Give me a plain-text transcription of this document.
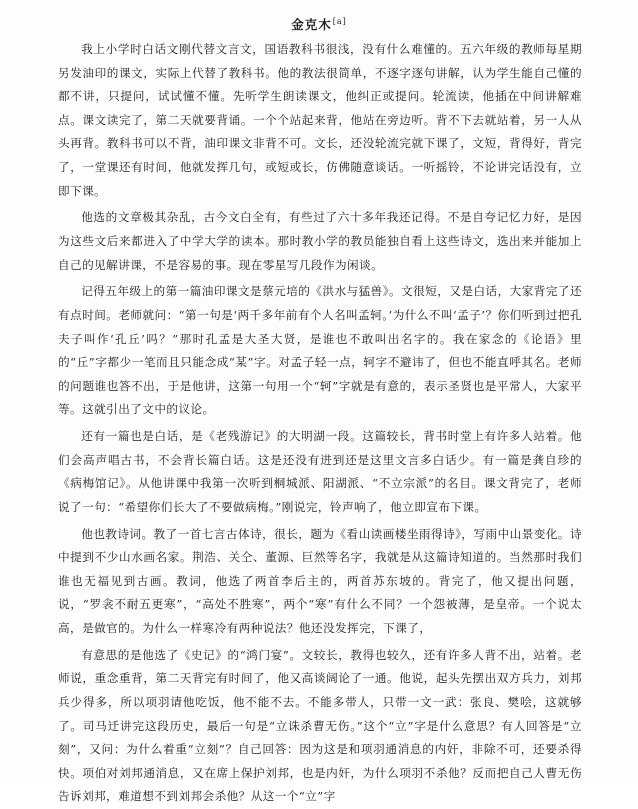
金克木[a]

我上小学时白话文刚代替文言文，国语教科书很浅，没有什么难懂的。五六年级的教师每星期另发油印的课文，实际上代替了教科书。他的教法很简单，不逐字逐句讲解，认为学生能自己懂的都不讲，只提问，试试懂不懂。先听学生朗读课文，他纠正或提问。轮流读，他插在中间讲解难点。课文读完了，第二天就要背诵。一个个站起来背，他站在旁边听。背不下去就站着，另一人从头再背。教科书可以不背，油印课文非背不可。文长，还没轮流完就下课了，文短，背得好，背完了，一堂课还有时间，他就发挥几句，或短或长，仿佛随意谈话。一听摇铃，不论讲完话没有，立即下课。

他选的文章极其杂乱，古今文白全有，有些过了六十多年我还记得。不是自夸记忆力好，是因为这些文后来都进入了中学大学的读本。那时教小学的教员能独自看上这些诗文，选出来并能加上自己的见解讲课，不是容易的事。现在零星写几段作为闲谈。

记得五年级上的第一篇油印课文是蔡元培的《洪水与猛兽》。文很短，又是白话，大家背完了还有点时间。老师就问：“第一句是‘两千多年前有个人名叫孟轲。’为什么不叫‘孟子’？你们听到过把孔夫子叫作‘孔丘’吗？”那时孔孟是大圣大贤，是谁也不敢叫出名字的。我在家念的《论语》里的“丘”字都少一笔而且只能念成“某”字。对孟子轻一点，轲字不避讳了，但也不能直呼其名。老师的问题谁也答不出，于是他讲，这第一句用一个“轲”字就是有意的，表示圣贤也是平常人，大家平等。这就引出了文中的议论。

还有一篇也是白话，是《老残游记》的大明湖一段。这篇较长，背书时堂上有许多人站着。他们会高声唱古书，不会背长篇白话。这是还没有进到还是这里文言多白话少。有一篇是龚自珍的《病梅馆记》。从他讲课中我第一次听到桐城派、阳湖派、“不立宗派”的名目。课文背完了，老师说了一句：“希望你们长大了不要做病梅。”刚说完，铃声响了，他立即宣布下课。

他也教诗词。教了一首七言古体诗，很长，题为《看山读画楼坐雨得诗》，写雨中山景变化。诗中提到不少山水画名家。荆浩、关仝、董源、巨然等名字，我就是从这篇诗知道的。当然那时我们谁也无福见到古画。教词，他选了两首李后主的，两首苏东坡的。背完了，他又提出问题，说，“罗衾不耐五更寒”，“高处不胜寒”，两个“寒”有什么不同？一个怨被薄，是皇帝。一个说太高，是做官的。为什么一样寒冷有两种说法？他还没发挥完，下课了，

有意思的是他选了《史记》的“鸿门宴”。文较长，教得也较久，还有许多人背不出，站着。老师说，重念重背，第二天背完有时间了，他又高谈阔论了一通。他说，起头先摆出双方兵力，刘邦兵少得多，所以项羽请他吃饭，他不能不去。不能多带人，只带一文一武：张良、樊哙，这就够了。司马迁讲完这段历史，最后一句是“立诛杀曹无伤。”这个“立”字是什么意思？有人回答是“立刻”，又问：为什么着重“立刻”？自己回答：因为这是和项羽通消息的内奸，非除不可，还要杀得快。项伯对刘邦通消息，又在席上保护刘邦，也是内奸，为什么项羽不杀他？反而把自己人曹无伤告诉刘邦，难道想不到刘邦会杀他？从这一个“立”字
